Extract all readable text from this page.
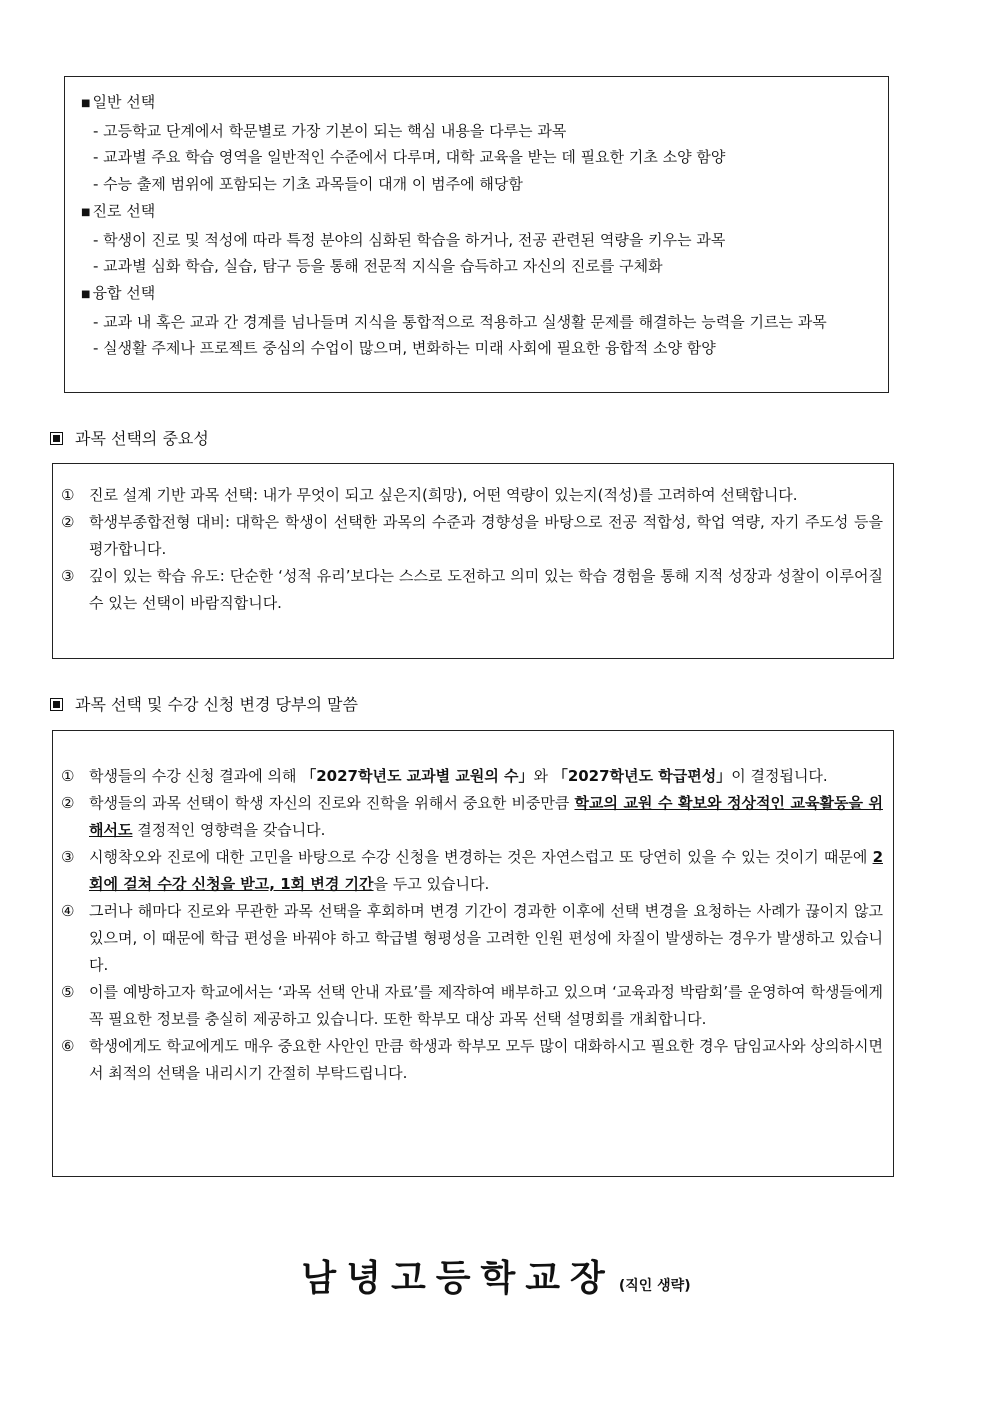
■ 일반 선택
- 고등학교 단계에서 학문별로 가장 기본이 되는 핵심 내용을 다루는 과목
- 교과별 주요 학습 영역을 일반적인 수준에서 다루며, 대학 교육을 받는 데 필요한 기초 소양 함양
- 수능 출제 범위에 포함되는 기초 과목들이 대개 이 범주에 해당함
■ 진로 선택
- 학생이 진로 및 적성에 따라 특정 분야의 심화된 학습을 하거나, 전공 관련된 역량을 키우는 과목
- 교과별 심화 학습, 실습, 탐구 등을 통해 전문적 지식을 습득하고 자신의 진로를 구체화
■ 융합 선택
- 교과 내 혹은 교과 간 경계를 넘나들며 지식을 통합적으로 적용하고 실생활 문제를 해결하는 능력을 기르는 과목
- 실생활 주제나 프로젝트 중심의 수업이 많으며, 변화하는 미래 사회에 필요한 융합적 소양 함양
과목 선택의 중요성
① 진로 설계 기반 과목 선택: 내가 무엇이 되고 싶은지(희망), 어떤 역량이 있는지(적성)를 고려하여 선택합니다.
② 학생부종합전형 대비: 대학은 학생이 선택한 과목의 수준과 경향성을 바탕으로 전공 적합성, 학업 역량, 자기 주도성 등을 평가합니다.
③ 깊이 있는 학습 유도: 단순한 ‘성적 유리’보다는 스스로 도전하고 의미 있는 학습 경험을 통해 지적 성장과 성찰이 이루어질 수 있는 선택이 바람직합니다.
과목 선택 및 수강 신청 변경 당부의 말씀
① 학생들의 수강 신청 결과에 의해 「2027학년도 교과별 교원의 수」와 「2027학년도 학급편성」이 결정됩니다.
② 학생들의 과목 선택이 학생 자신의 진로와 진학을 위해서 중요한 비중만큼 학교의 교원 수 확보와 정상적인 교육활동을 위해서도 결정적인 영향력을 갖습니다.
③ 시행착오와 진로에 대한 고민을 바탕으로 수강 신청을 변경하는 것은 자연스럽고 또 당연히 있을 수 있는 것이기 때문에 2회에 걸쳐 수강 신청을 받고, 1회 변경 기간을 두고 있습니다.
④ 그러나 해마다 진로와 무관한 과목 선택을 후회하며 변경 기간이 경과한 이후에 선택 변경을 요청하는 사례가 끊이지 않고 있으며, 이 때문에 학급 편성을 바꿔야 하고 학급별 형평성을 고려한 인원 편성에 차질이 발생하는 경우가 발생하고 있습니다.
⑤ 이를 예방하고자 학교에서는 ‘과목 선택 안내 자료’를 제작하여 배부하고 있으며 ‘교육과정 박람회’를 운영하여 학생들에게 꼭 필요한 정보를 충실히 제공하고 있습니다. 또한 학부모 대상 과목 선택 설명회를 개최합니다.
⑥ 학생에게도 학교에게도 매우 중요한 사안인 만큼 학생과 학부모 모두 많이 대화하시고 필요한 경우 담임교사와 상의하시면서 최적의 선택을 내리시기 간절히 부탁드립니다.
남녕고등학교장 (직인 생략)
